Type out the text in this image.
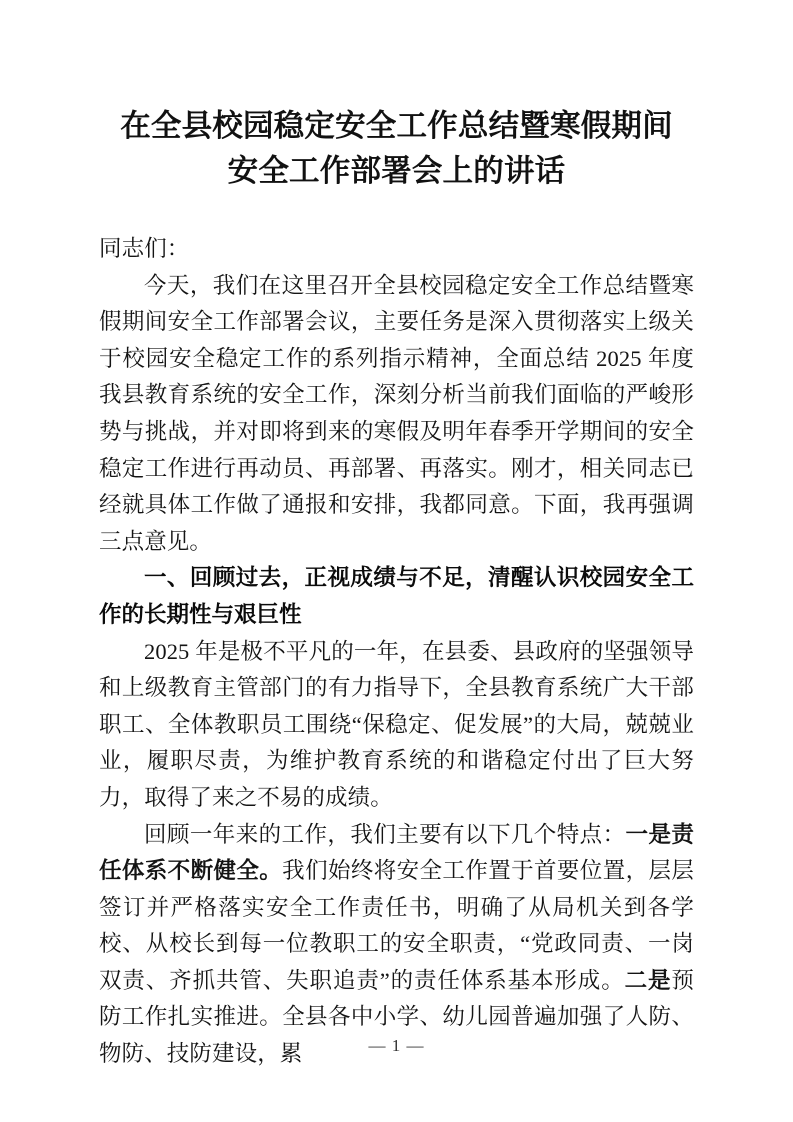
在全县校园稳定安全工作总结暨寒假期间
安全工作部署会上的讲话

同志们：

今天，我们在这里召开全县校园稳定安全工作总结暨寒假期间安全工作部署会议，主要任务是深入贯彻落实上级关于校园安全稳定工作的系列指示精神，全面总结 2025 年度我县教育系统的安全工作，深刻分析当前我们面临的严峻形势与挑战，并对即将到来的寒假及明年春季开学期间的安全稳定工作进行再动员、再部署、再落实。刚才，相关同志已经就具体工作做了通报和安排，我都同意。下面，我再强调三点意见。

一、回顾过去，正视成绩与不足，清醒认识校园安全工作的长期性与艰巨性

2025 年是极不平凡的一年，在县委、县政府的坚强领导和上级教育主管部门的有力指导下，全县教育系统广大干部职工、全体教职员工围绕“保稳定、促发展”的大局，兢兢业业，履职尽责，为维护教育系统的和谐稳定付出了巨大努力，取得了来之不易的成绩。

回顾一年来的工作，我们主要有以下几个特点：一是责任体系不断健全。我们始终将安全工作置于首要位置，层层签订并严格落实安全工作责任书，明确了从局机关到各学校、从校长到每一位教职工的安全职责，“党政同责、一岗双责、齐抓共管、失职追责”的责任体系基本形成。二是预防工作扎实推进。全县各中小学、幼儿园普遍加强了人防、物防、技防建设，累	— 1 —
